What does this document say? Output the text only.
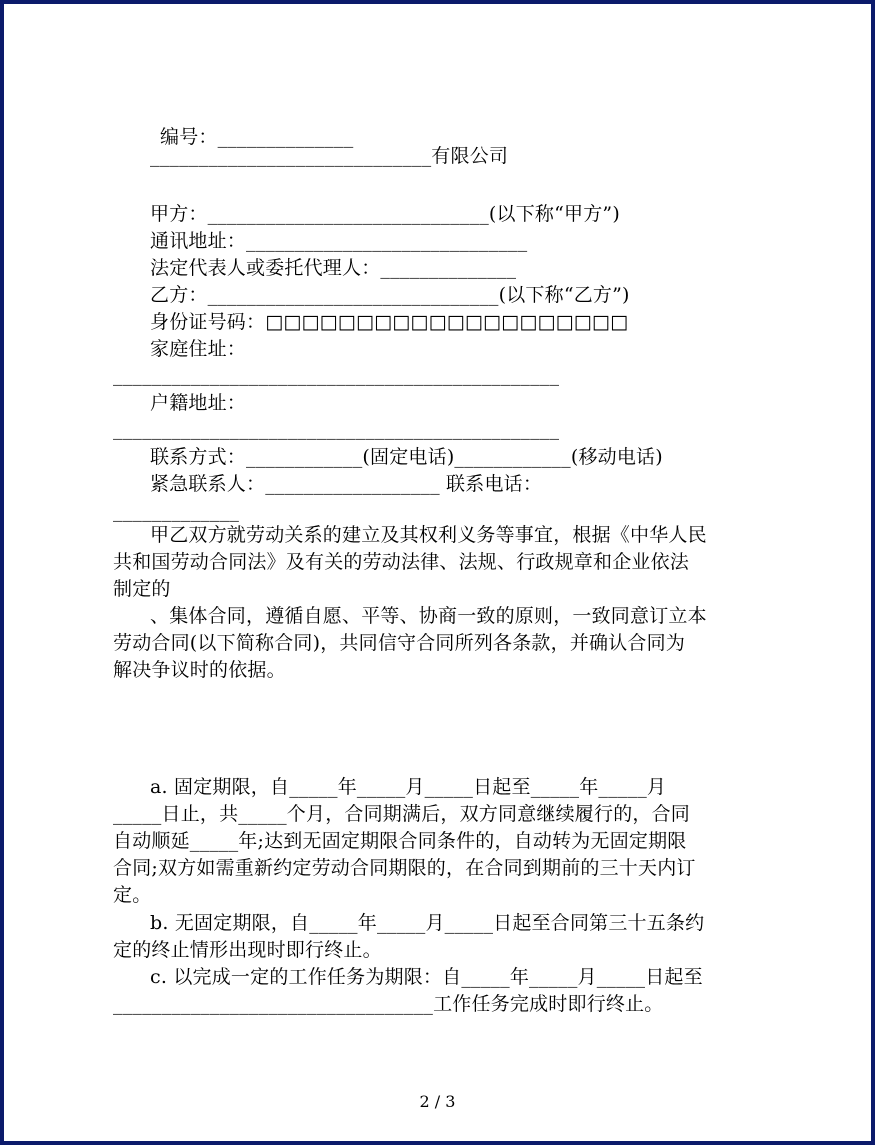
编号：______________
_____________________________有限公司
甲方：_____________________________(以下称“甲方”)
通讯地址：_____________________________
法定代表人或委托代理人：______________
乙方：______________________________(以下称“乙方”)
身份证号码：□□□□□□□□□□□□□□□□□□□□
家庭住址：
______________________________________________
户籍地址：
______________________________________________
联系方式：____________(固定电话)____________(移动电话)
紧急联系人：__________________ 联系电话：
_____________
甲乙双方就劳动关系的建立及其权利义务等事宜，根据《中华人民
共和国劳动合同法》及有关的劳动法律、法规、行政规章和企业依法
制定的
、集体合同，遵循自愿、平等、协商一致的原则，一致同意订立本
劳动合同(以下简称合同)，共同信守合同所列各条款，并确认合同为
解决争议时的依据。
a. 固定期限，自_____年_____月_____日起至_____年_____月
_____日止，共_____个月，合同期满后，双方同意继续履行的，合同
自动顺延_____年;达到无固定期限合同条件的，自动转为无固定期限
合同;双方如需重新约定劳动合同期限的，在合同到期前的三十天内订
定。
b. 无固定期限，自_____年_____月_____日起至合同第三十五条约
定的终止情形出现时即行终止。
c. 以完成一定的工作任务为期限：自_____年_____月_____日起至
_________________________________工作任务完成时即行终止。
2 / 3
